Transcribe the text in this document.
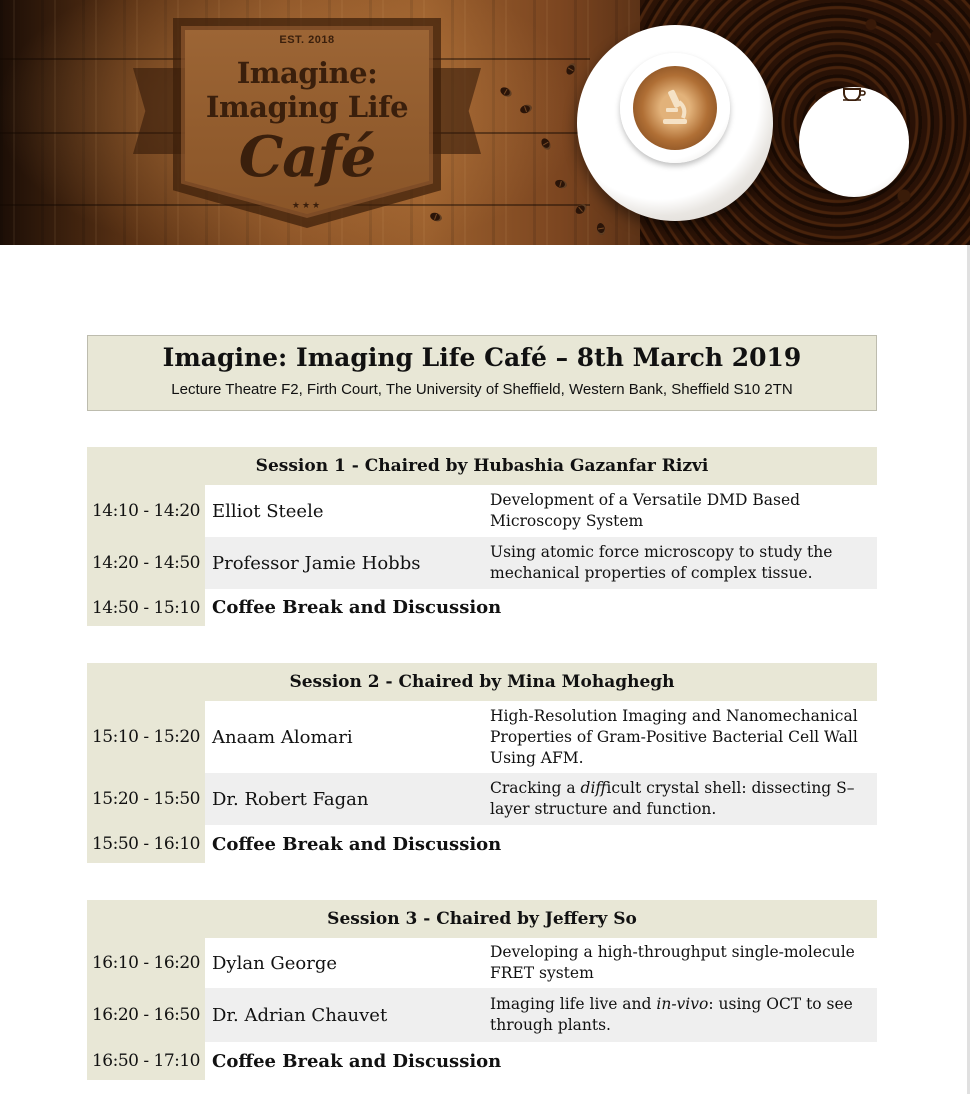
EST. 2018
Imagine:
Imaging Life
Café
★★★
Imagine: Imaging Life Café – 8th March 2019
Lecture Theatre F2, Firth Court, The University of Sheffield, Western Bank, Sheffield S10 2TN
Session 1 - Chaired by Hubashia Gazanfar Rizvi
14:10 - 14:20 Elliot Steele
Development of a Versatile DMD Based Microscopy System
14:20 - 14:50 Professor Jamie Hobbs
Using atomic force microscopy to study the mechanical properties of complex tissue.
14:50 - 15:10 Coffee Break and Discussion
Session 2 - Chaired by Mina Mohaghegh
15:10 - 15:20 Anaam Alomari
High-Resolution Imaging and Nanomechanical Properties of Gram-Positive Bacterial Cell Wall Using AFM.
15:20 - 15:50 Dr. Robert Fagan
Cracking a difficult crystal shell: dissecting S–layer structure and function.
15:50 - 16:10 Coffee Break and Discussion
Session 3 - Chaired by Jeffery So
16:10 - 16:20 Dylan George
Developing a high-throughput single-molecule FRET system
16:20 - 16:50 Dr. Adrian Chauvet
Imaging life live and in-vivo: using OCT to see through plants.
16:50 - 17:10 Coffee Break and Discussion
